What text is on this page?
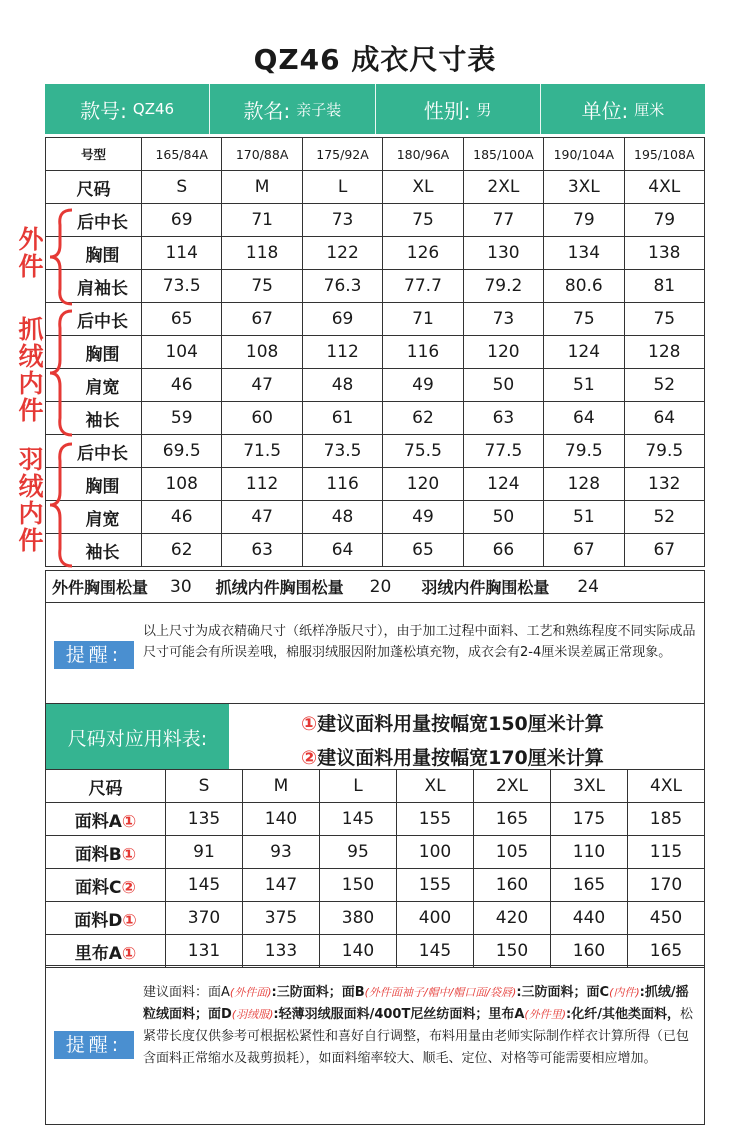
QZ46 成衣尺寸表
款号: QZ46	款名: 亲子装	性别: 男	单位: 厘米
号型	165/84A	170/88A	175/92A	180/96A	185/100A	190/104A	195/108A
尺码	S	M	L	XL	2XL	3XL	4XL
后中长	69	71	73	75	77	79	79
胸围	114	118	122	126	130	134	138
肩袖长	73.5	75	76.3	77.7	79.2	80.6	81
后中长	65	67	69	71	73	75	75
胸围	104	108	112	116	120	124	128
肩宽	46	47	48	49	50	51	52
袖长	59	60	61	62	63	64	64
后中长	69.5	71.5	73.5	75.5	77.5	79.5	79.5
胸围	108	112	116	120	124	128	132
肩宽	46	47	48	49	50	51	52
袖长	62	63	64	65	66	67	67
外件
抓绒内件
羽绒内件
外件胸围松量 30 抓绒内件胸围松量 20 羽绒内件胸围松量 24
提醒:
以上尺寸为成衣精确尺寸（纸样净版尺寸），由于加工过程中面料、工艺和熟练程度不同实际成品尺寸可能会有所误差哦，棉服羽绒服因附加蓬松填充物，成衣会有2-4厘米误差属正常现象。
尺码对应用料表:
①建议面料用量按幅宽150厘米计算
②建议面料用量按幅宽170厘米计算
尺码	S	M	L	XL	2XL	3XL	4XL
面料A①	135	140	145	155	165	175	185
面料B①	91	93	95	100	105	110	115
面料C②	145	147	150	155	160	165	170
面料D①	370	375	380	400	420	440	450
里布A①	131	133	140	145	150	160	165
提醒:
建议面料：面A(外件面):三防面料；面B(外件面袖子/帽中/帽口面/袋唇):三防面料；面C(内件):抓绒/摇粒绒面料；面D(羽绒服):轻薄羽绒服面料/400T尼丝纺面料；里布A(外件里):化纤/其他类面料，松紧带长度仅供参考可根据松紧性和喜好自行调整，布料用量由老师实际制作样衣计算所得（已包含面料正常缩水及裁剪损耗），如面料缩率较大、顺毛、定位、对格等可能需要相应增加。
